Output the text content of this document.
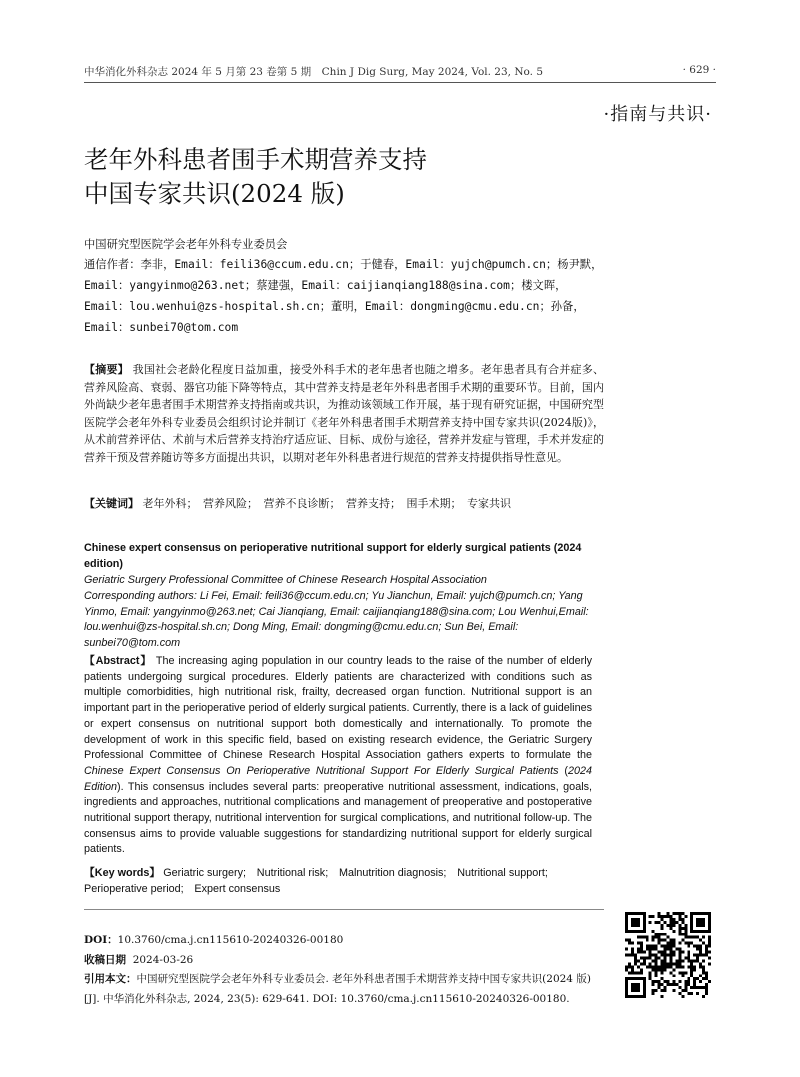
中华消化外科杂志 2024 年 5 月第 23 卷第 5 期　Chin J Dig Surg, May 2024, Vol. 23, No. 5	· 629 ·
·指南与共识·
老年外科患者围手术期营养支持
中国专家共识(2024 版)
中国研究型医院学会老年外科专业委员会
通信作者：李非，Email：feili36@ccum.edu.cn；于健春，Email：yujch@pumch.cn；杨尹默，Email：yangyinmo@263.net；蔡建强，Email：caijianqiang188@sina.com；楼文晖，Email：lou.wenhui@zs-hospital.sh.cn；董明，Email：dongming@cmu.edu.cn；孙备，Email：sunbei70@tom.com
【摘要】 我国社会老龄化程度日益加重，接受外科手术的老年患者也随之增多。老年患者具有合并症多、营养风险高、衰弱、器官功能下降等特点，其中营养支持是老年外科患者围手术期的重要环节。目前，国内外尚缺少老年患者围手术期营养支持指南或共识，为推动该领域工作开展，基于现有研究证据，中国研究型医院学会老年外科专业委员会组织讨论并制订《老年外科患者围手术期营养支持中国专家共识(2024版)》，从术前营养评估、术前与术后营养支持治疗适应证、目标、成份与途径，营养并发症与管理，手术并发症的营养干预及营养随访等多方面提出共识，以期对老年外科患者进行规范的营养支持提供指导性意见。
【关键词】 老年外科；　营养风险；　营养不良诊断；　营养支持；　围手术期；　专家共识
Chinese expert consensus on perioperative nutritional support for elderly surgical patients (2024 edition)
Geriatric Surgery Professional Committee of Chinese Research Hospital Association
Corresponding authors: Li Fei, Email: feili36@ccum.edu.cn; Yu Jianchun, Email: yujch@pumch.cn; Yang Yinmo, Email: yangyinmo@263.net; Cai Jianqiang, Email: caijianqiang188@sina.com; Lou Wenhui,Email: lou.wenhui@zs-hospital.sh.cn; Dong Ming, Email: dongming@cmu.edu.cn; Sun Bei, Email: sunbei70@tom.com
【Abstract】 The increasing aging population in our country leads to the raise of the number of elderly patients undergoing surgical procedures. Elderly patients are characterized with conditions such as multiple comorbidities, high nutritional risk, frailty, decreased organ function. Nutritional support is an important part in the perioperative period of elderly surgical patients. Currently, there is a lack of guidelines or expert consensus on nutritional support both domestically and internationally. To promote the development of work in this specific field, based on existing research evidence, the Geriatric Surgery Professional Committee of Chinese Research Hospital Association gathers experts to formulate the Chinese Expert Consensus On Perioperative Nutritional Support For Elderly Surgical Patients (2024 Edition). This consensus includes several parts: preoperative nutritional assessment, indications, goals, ingredients and approaches, nutritional complications and management of preoperative and postoperative nutritional support therapy, nutritional intervention for surgical complications, and nutritional follow-up. The consensus aims to provide valuable suggestions for standardizing nutritional support for elderly surgical patients.
【Key words】 Geriatric surgery;　Nutritional risk;　Malnutrition diagnosis;　Nutritional support;　Perioperative period;　Expert consensus
DOI：10.3760/cma.j.cn115610-20240326-00180
收稿日期 2024-03-26
引用本文：中国研究型医院学会老年外科专业委员会. 老年外科患者围手术期营养支持中国专家共识(2024 版)[J]. 中华消化外科杂志, 2024, 23(5): 629-641. DOI: 10.3760/cma.j.cn115610-20240326-00180.
